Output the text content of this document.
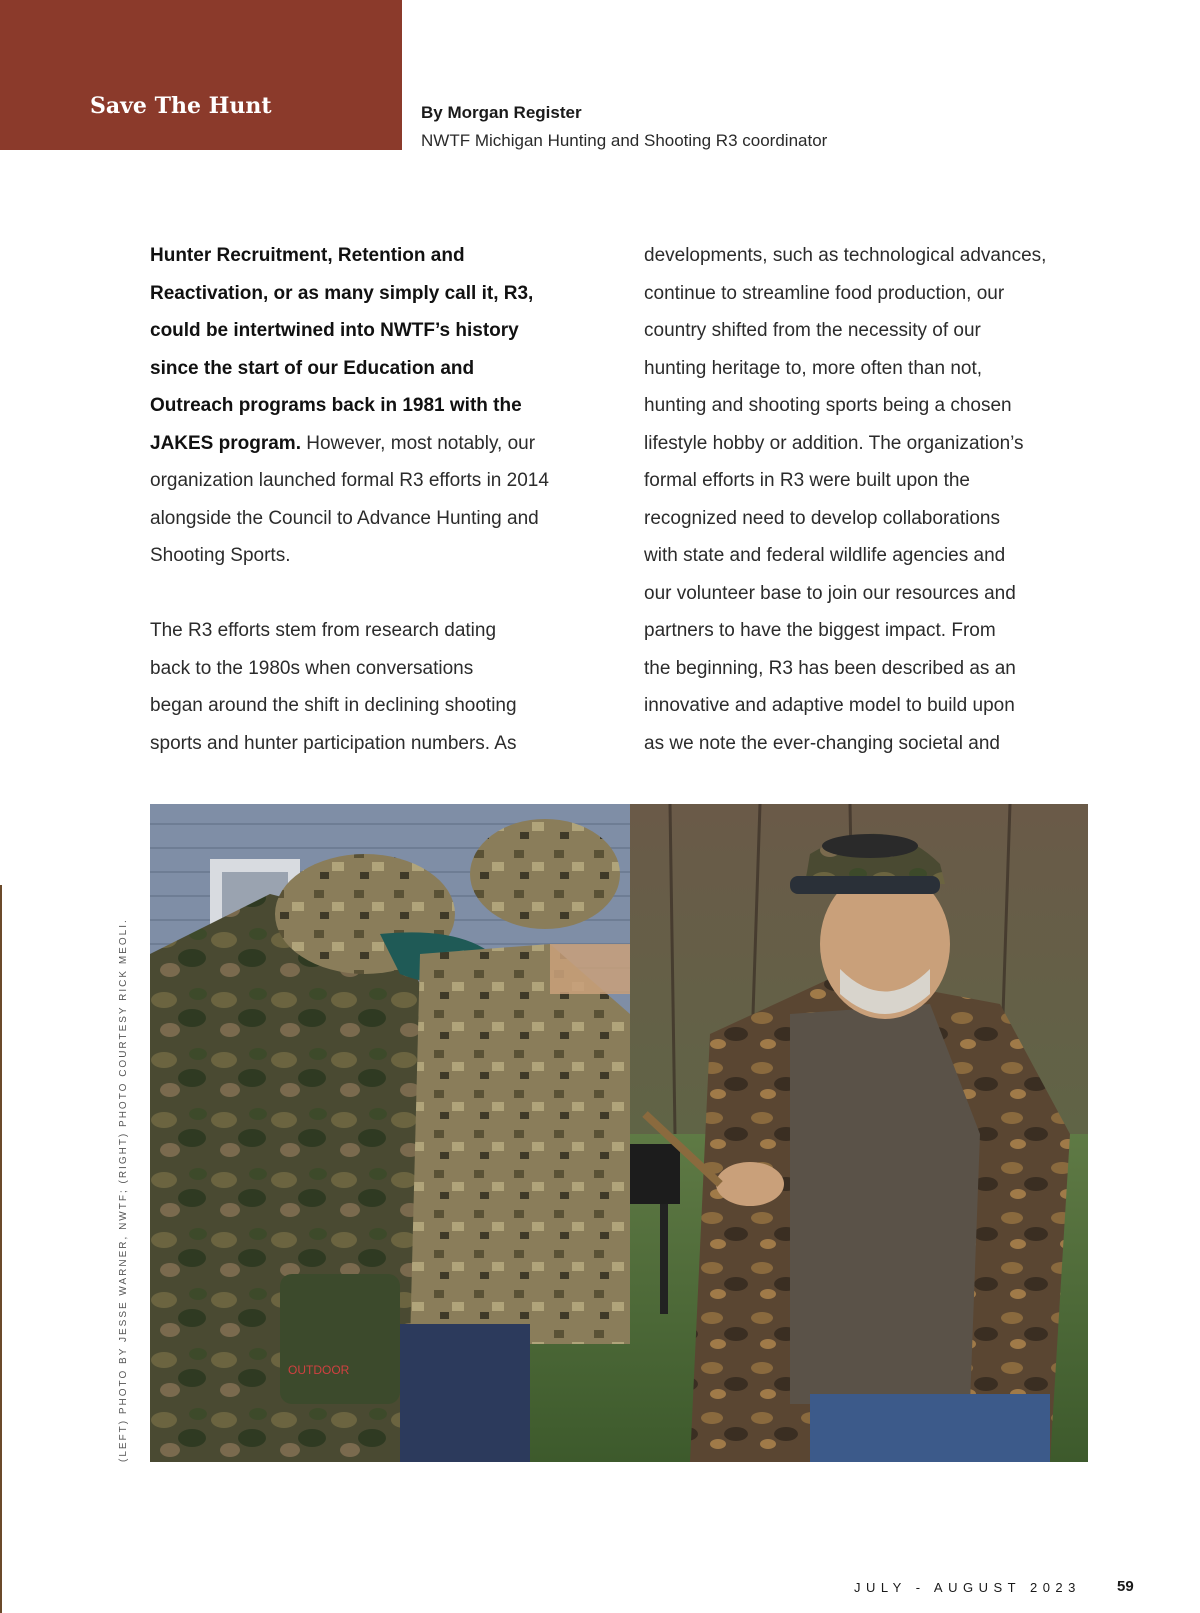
Save The Hunt	By Morgan Register
NWTF Michigan Hunting and Shooting R3 coordinator
Hunter Recruitment, Retention and
Reactivation, or as many simply call it, R3,
could be intertwined into NWTF’s history
since the start of our Education and
Outreach programs back in 1981 with the
JAKES program. However, most notably, our
organization launched formal R3 efforts in 2014
alongside the Council to Advance Hunting and
Shooting Sports.
The R3 efforts stem from research dating
back to the 1980s when conversations
began around the shift in declining shooting
sports and hunter participation numbers. As
developments, such as technological advances,
continue to streamline food production, our
country shifted from the necessity of our
hunting heritage to, more often than not,
hunting and shooting sports being a chosen
lifestyle hobby or addition. The organization’s
formal efforts in R3 were built upon the
recognized need to develop collaborations
with state and federal wildlife agencies and
our volunteer base to join our resources and
partners to have the biggest impact. From
the beginning, R3 has been described as an
innovative and adaptive model to build upon
as we note the ever-changing societal and
OUTDOOR
(LEFT) PHOTO BY JESSE WARNER, NWTF; (RIGHT) PHOTO COURTESY RICK MEOLI.
JULY - AUGUST 2023 59
